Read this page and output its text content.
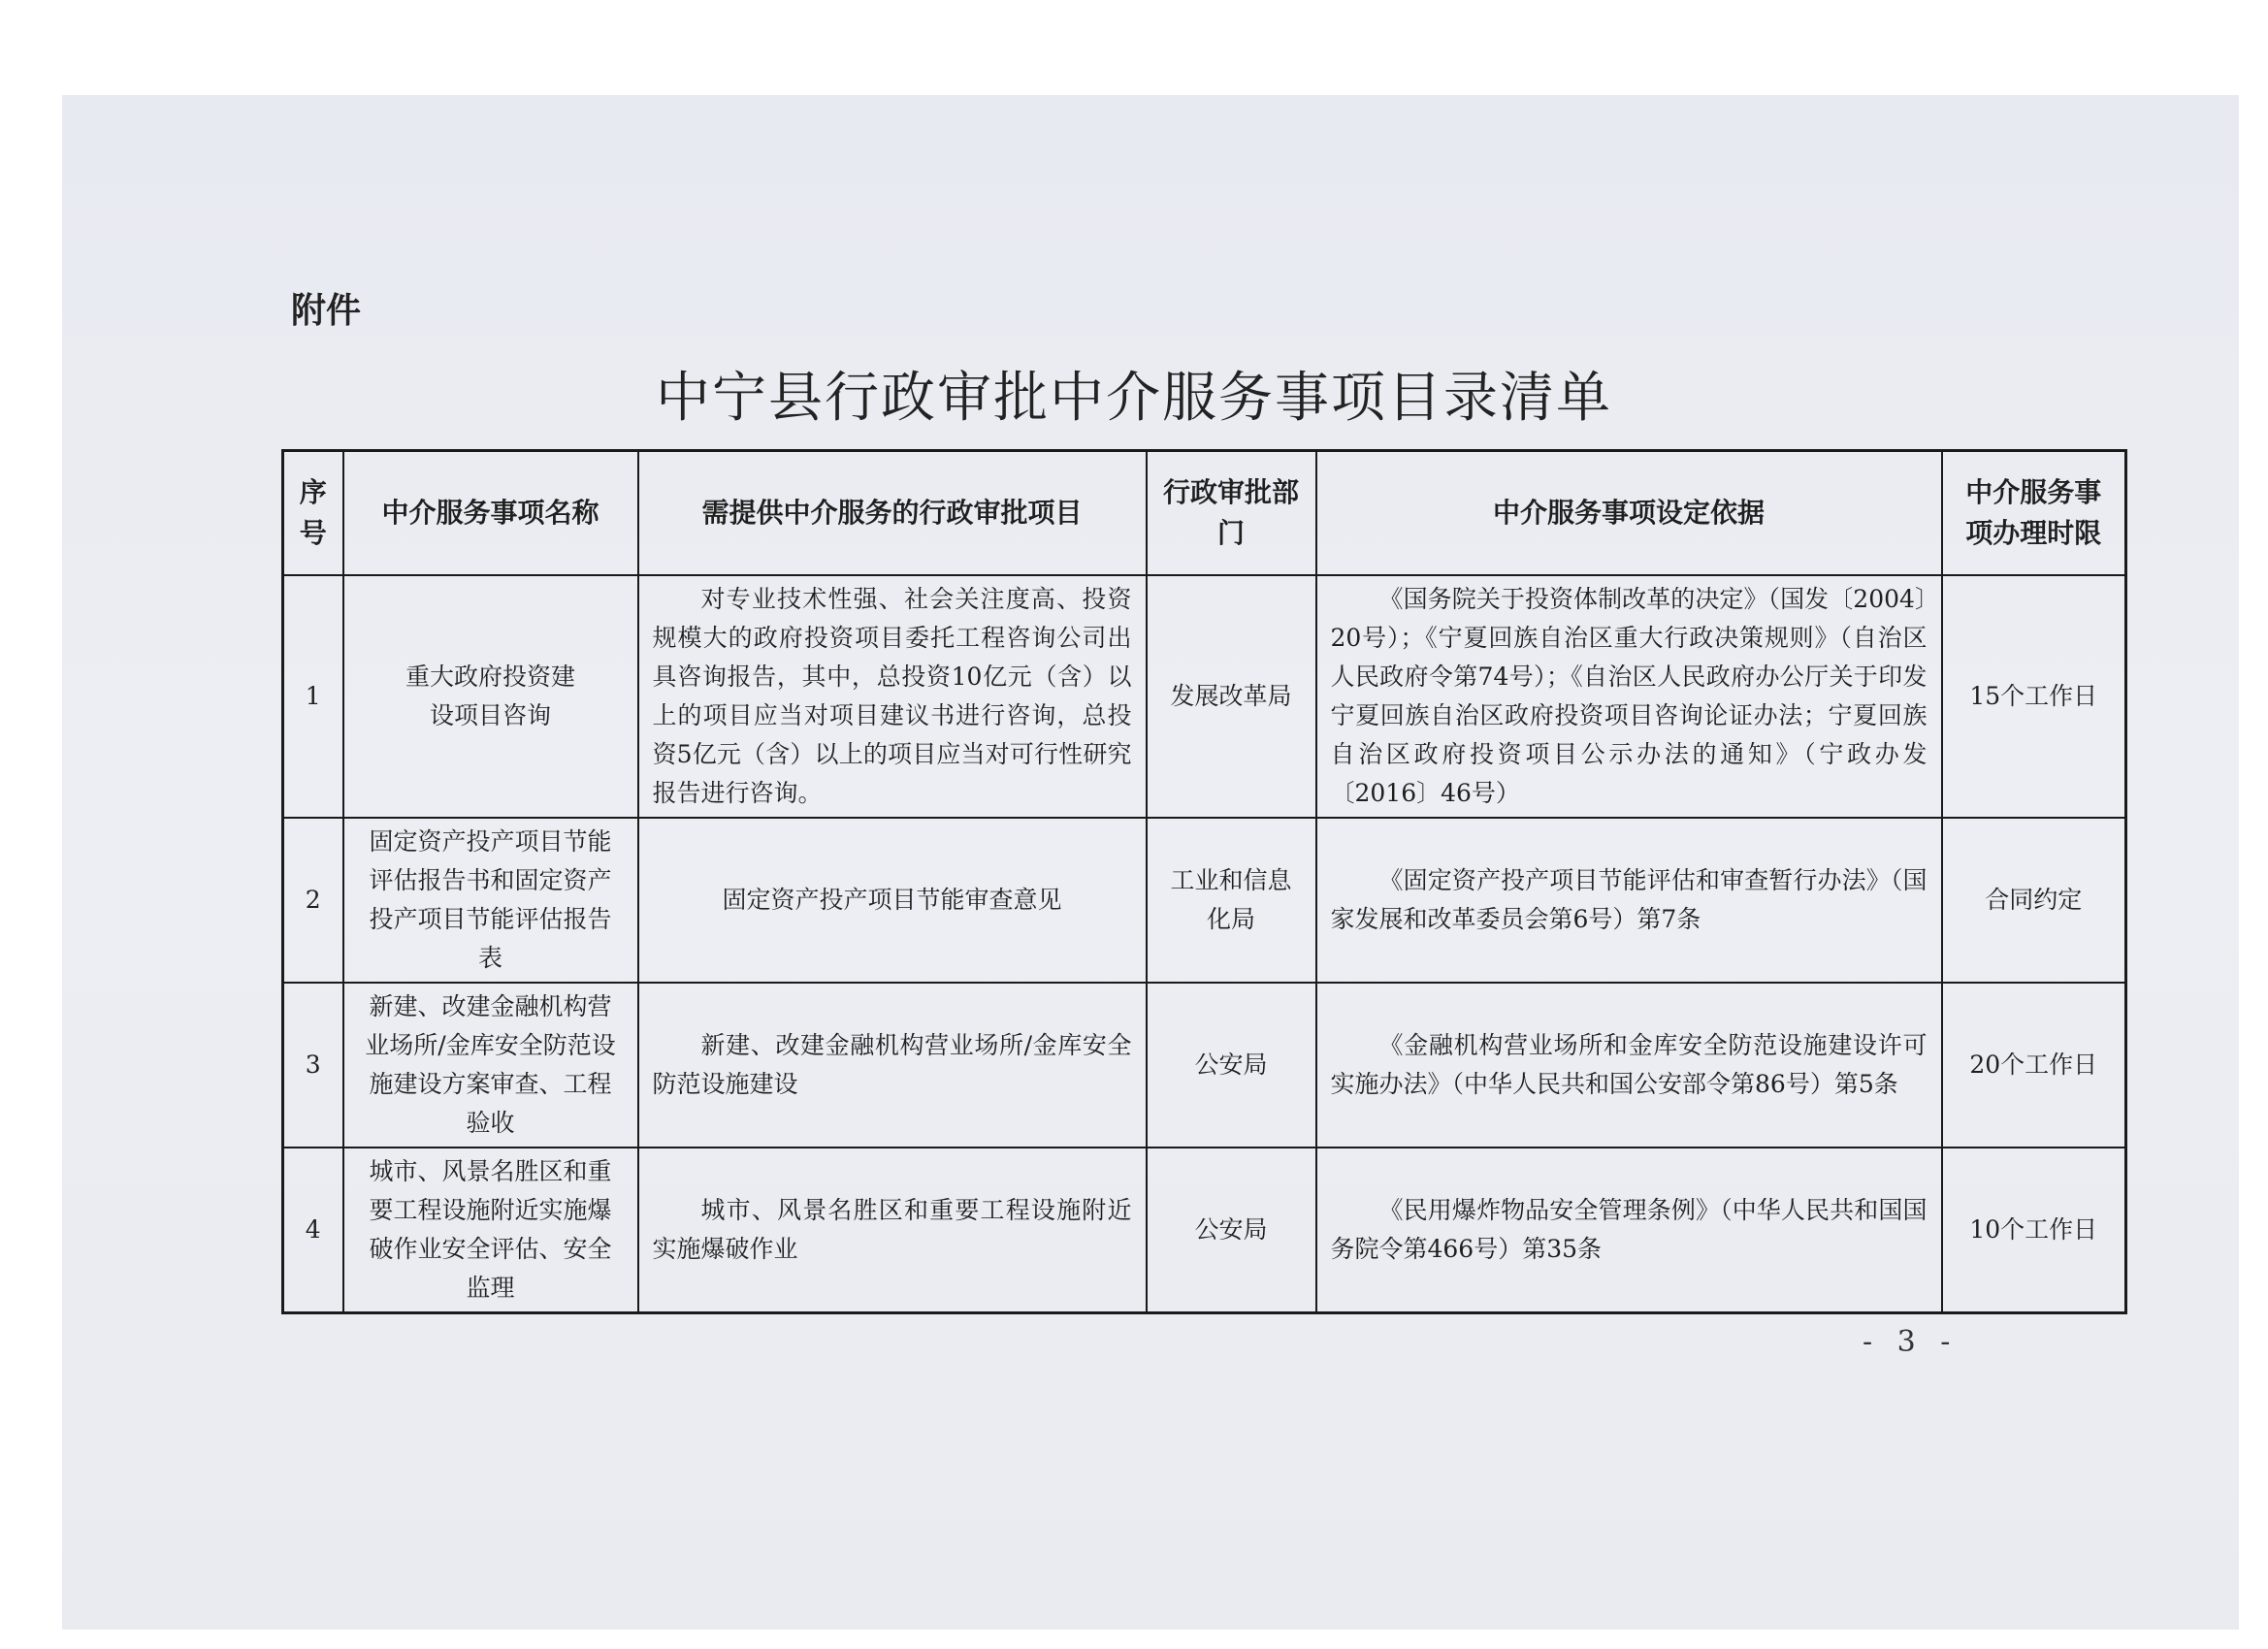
附件
中宁县行政审批中介服务事项目录清单
序号	中介服务事项名称	需提供中介服务的行政审批项目	行政审批部门	中介服务事项设定依据	中介服务事项办理时限
1	重大政府投资建设项目咨询	对专业技术性强、社会关注度高、投资规模大的政府投资项目委托工程咨询公司出具咨询报告，其中，总投资10亿元（含）以上的项目应当对项目建议书进行咨询，总投资5亿元（含）以上的项目应当对可行性研究报告进行咨询。	发展改革局	《国务院关于投资体制改革的决定》（国发〔2004〕20号）；《宁夏回族自治区重大行政决策规则》（自治区人民政府令第74号）；《自治区人民政府办公厅关于印发宁夏回族自治区政府投资项目咨询论证办法；宁夏回族自治区政府投资项目公示办法的通知》（宁政办发〔2016〕46号）	15个工作日
2	固定资产投产项目节能评估报告书和固定资产投产项目节能评估报告表	固定资产投产项目节能审查意见	工业和信息化局	《固定资产投产项目节能评估和审查暂行办法》（国家发展和改革委员会第6号）第7条	合同约定
3	新建、改建金融机构营业场所/金库安全防范设施建设方案审查、工程验收	新建、改建金融机构营业场所/金库安全防范设施建设	公安局	《金融机构营业场所和金库安全防范设施建设许可实施办法》（中华人民共和国公安部令第86号）第5条	20个工作日
4	城市、风景名胜区和重要工程设施附近实施爆破作业安全评估、安全监理	城市、风景名胜区和重要工程设施附近实施爆破作业	公安局	《民用爆炸物品安全管理条例》（中华人民共和国国务院令第466号）第35条	10个工作日
- 3 -
